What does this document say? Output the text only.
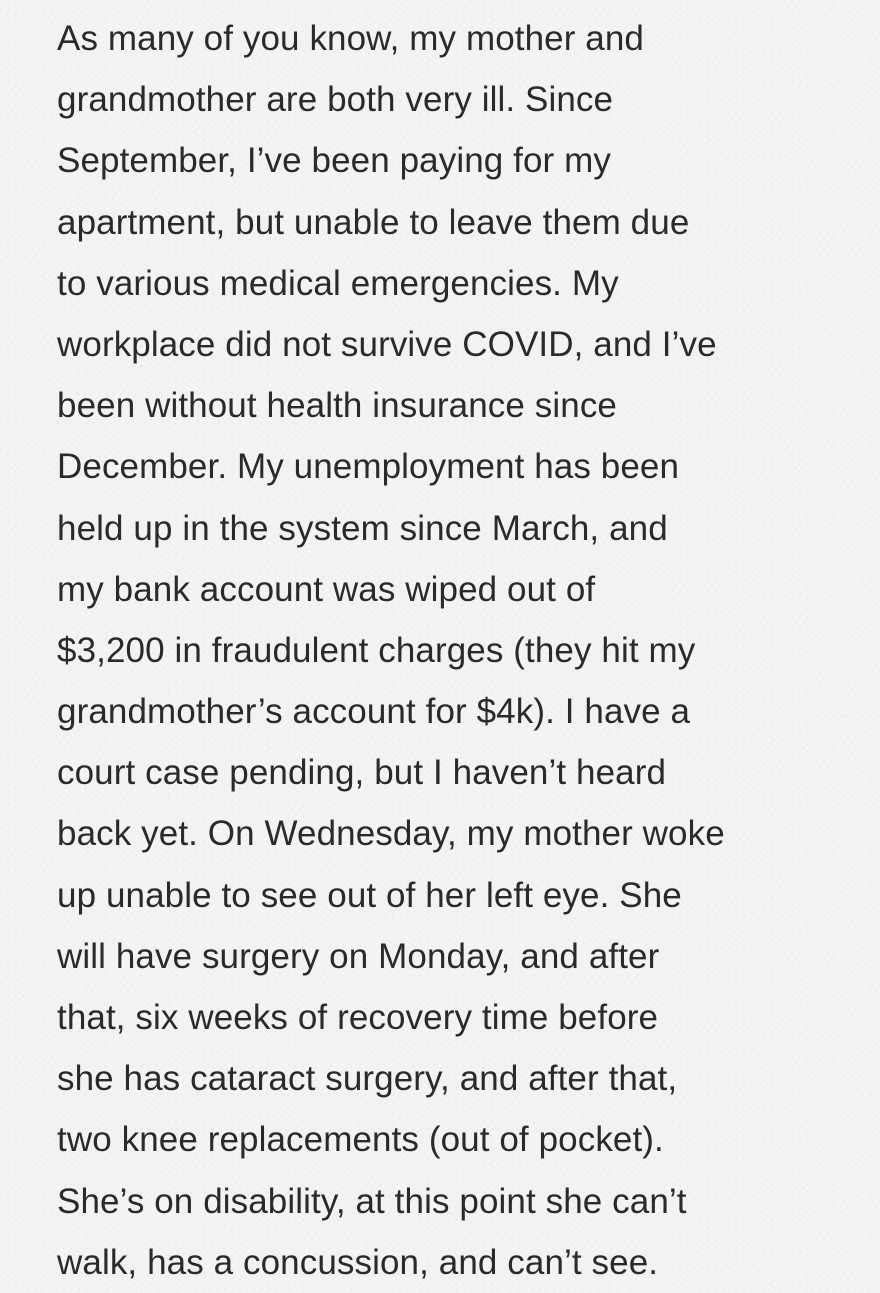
As many of you know, my mother and
grandmother are both very ill. Since
September, I’ve been paying for my
apartment, but unable to leave them due
to various medical emergencies. My
workplace did not survive COVID, and I’ve
been without health insurance since
December. My unemployment has been
held up in the system since March, and
my bank account was wiped out of
$3,200 in fraudulent charges (they hit my
grandmother’s account for $4k). I have a
court case pending, but I haven’t heard
back yet. On Wednesday, my mother woke
up unable to see out of her left eye. She
will have surgery on Monday, and after
that, six weeks of recovery time before
she has cataract surgery, and after that,
two knee replacements (out of pocket).
She’s on disability, at this point she can’t
walk, has a concussion, and can’t see.
